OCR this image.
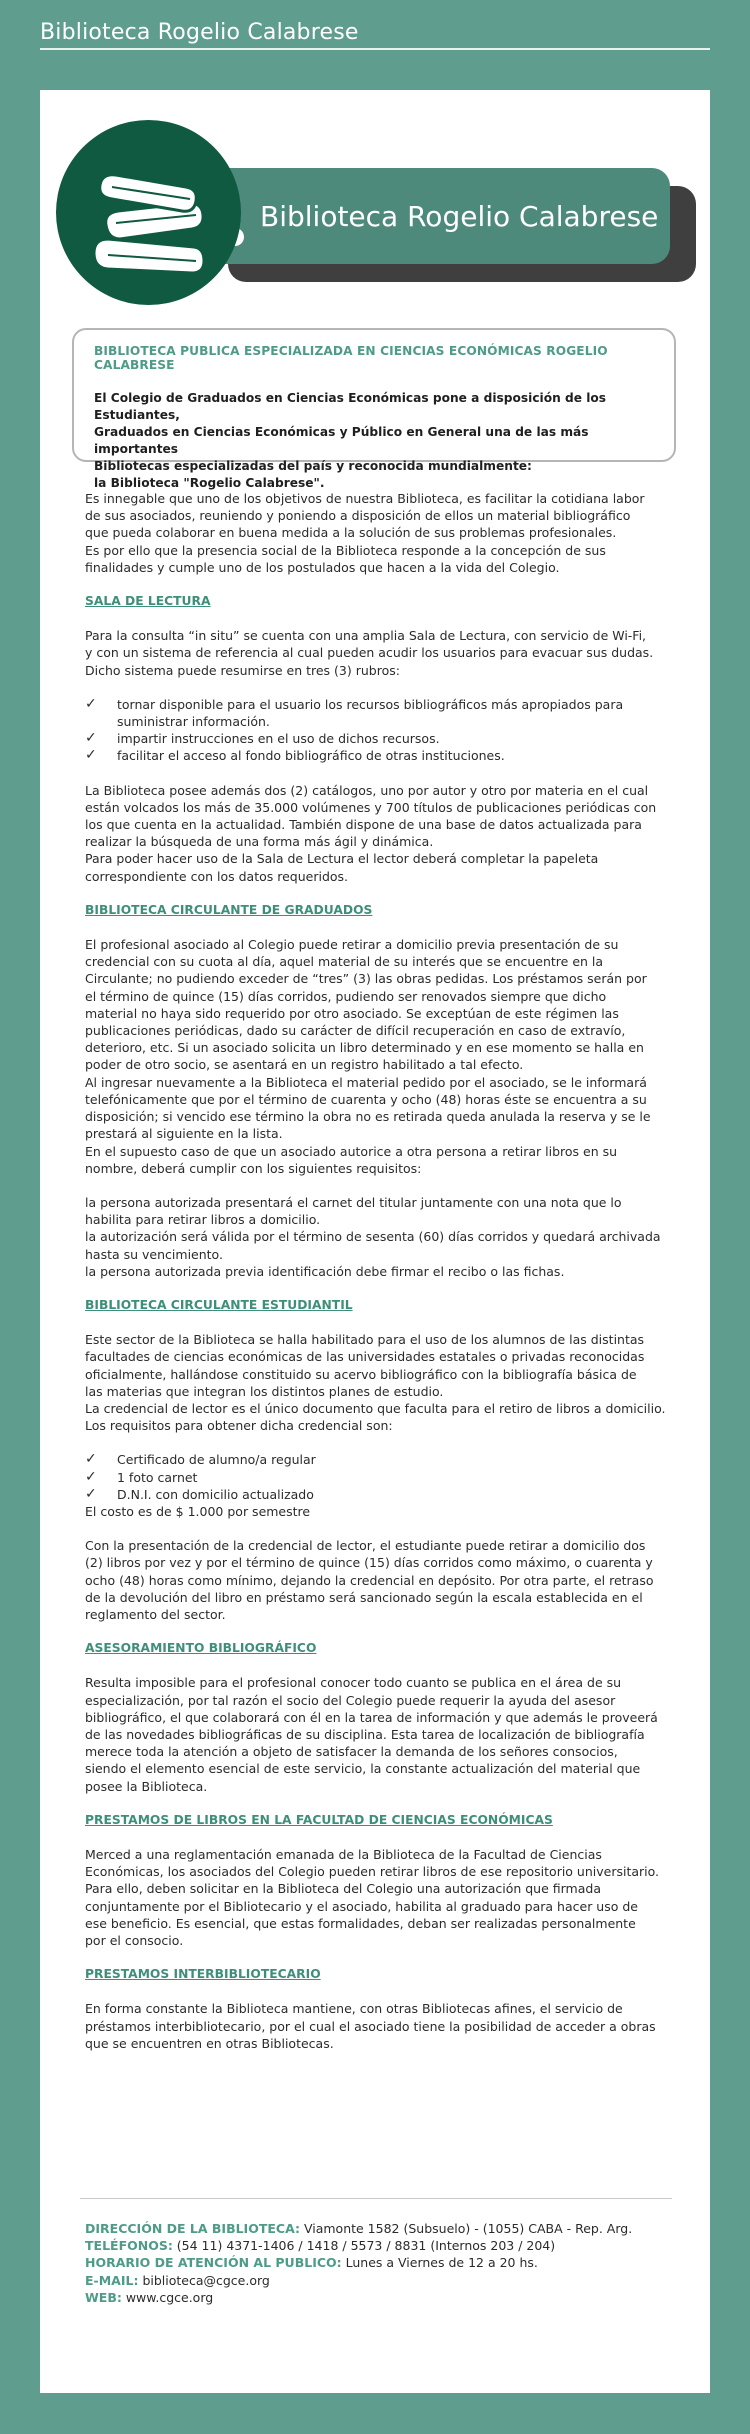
Biblioteca Rogelio Calabrese
Biblioteca Rogelio Calabrese
BIBLIOTECA PUBLICA ESPECIALIZADA EN CIENCIAS ECONÓMICAS ROGELIO CALABRESE

El Colegio de Graduados en Ciencias Económicas pone a disposición de los Estudiantes,

Graduados en Ciencias Económicas y Público en General una de las más importantes

Bibliotecas especializadas del país y reconocida mundialmente:

la Biblioteca "Rogelio Calabrese".

Es innegable que uno de los objetivos de nuestra Biblioteca, es facilitar la cotidiana labor

de sus asociados, reuniendo y poniendo a disposición de ellos un material bibliográfico

que pueda colaborar en buena medida a la solución de sus problemas profesionales.

Es por ello que la presencia social de la Biblioteca responde a la concepción de sus

finalidades y cumple uno de los postulados que hacen a la vida del Colegio.

SALA DE LECTURA

Para la consulta “in situ” se cuenta con una amplia Sala de Lectura, con servicio de Wi-Fi,

y con un sistema de referencia al cual pueden acudir los usuarios para evacuar sus dudas.

Dicho sistema puede resumirse en tres (3) rubros:

✓ tornar disponible para el usuario los recursos bibliográficos más apropiados para suministrar información.
✓ impartir instrucciones en el uso de dichos recursos.
✓ facilitar el acceso al fondo bibliográfico de otras instituciones.

La Biblioteca posee además dos (2) catálogos, uno por autor y otro por materia en el cual

están volcados los más de 35.000 volúmenes y 700 títulos de publicaciones periódicas con

los que cuenta en la actualidad. También dispone de una base de datos actualizada para

realizar la búsqueda de una forma más ágil y dinámica.

Para poder hacer uso de la Sala de Lectura el lector deberá completar la papeleta

correspondiente con los datos requeridos.

BIBLIOTECA CIRCULANTE DE GRADUADOS

El profesional asociado al Colegio puede retirar a domicilio previa presentación de su

credencial con su cuota al día, aquel material de su interés que se encuentre en la

Circulante; no pudiendo exceder de “tres” (3) las obras pedidas. Los préstamos serán por

el término de quince (15) días corridos, pudiendo ser renovados siempre que dicho

material no haya sido requerido por otro asociado. Se exceptúan de este régimen las

publicaciones periódicas, dado su carácter de difícil recuperación en caso de extravío,

deterioro, etc. Si un asociado solicita un libro determinado y en ese momento se halla en

poder de otro socio, se asentará en un registro habilitado a tal efecto.

Al ingresar nuevamente a la Biblioteca el material pedido por el asociado, se le informará

telefónicamente que por el término de cuarenta y ocho (48) horas éste se encuentra a su

disposición; si vencido ese término la obra no es retirada queda anulada la reserva y se le

prestará al siguiente en la lista.

En el supuesto caso de que un asociado autorice a otra persona a retirar libros en su

nombre, deberá cumplir con los siguientes requisitos:

la persona autorizada presentará el carnet del titular juntamente con una nota que lo

habilita para retirar libros a domicilio.

la autorización será válida por el término de sesenta (60) días corridos y quedará archivada

hasta su vencimiento.

la persona autorizada previa identificación debe firmar el recibo o las fichas.

BIBLIOTECA CIRCULANTE ESTUDIANTIL

Este sector de la Biblioteca se halla habilitado para el uso de los alumnos de las distintas

facultades de ciencias económicas de las universidades estatales o privadas reconocidas

oficialmente, hallándose constituido su acervo bibliográfico con la bibliografía básica de

las materias que integran los distintos planes de estudio.

La credencial de lector es el único documento que faculta para el retiro de libros a domicilio.

Los requisitos para obtener dicha credencial son:

✓ Certificado de alumno/a regular
✓ 1 foto carnet
✓ D.N.I. con domicilio actualizado

El costo es de $ 1.000 por semestre

Con la presentación de la credencial de lector, el estudiante puede retirar a domicilio dos

(2) libros por vez y por el término de quince (15) días corridos como máximo, o cuarenta y

ocho (48) horas como mínimo, dejando la credencial en depósito. Por otra parte, el retraso

de la devolución del libro en préstamo será sancionado según la escala establecida en el

reglamento del sector.

ASESORAMIENTO BIBLIOGRÁFICO

Resulta imposible para el profesional conocer todo cuanto se publica en el área de su

especialización, por tal razón el socio del Colegio puede requerir la ayuda del asesor

bibliográfico, el que colaborará con él en la tarea de información y que además le proveerá

de las novedades bibliográficas de su disciplina. Esta tarea de localización de bibliografía

merece toda la atención a objeto de satisfacer la demanda de los señores consocios,

siendo el elemento esencial de este servicio, la constante actualización del material que

posee la Biblioteca.

PRESTAMOS DE LIBROS EN LA FACULTAD DE CIENCIAS ECONÓMICAS

Merced a una reglamentación emanada de la Biblioteca de la Facultad de Ciencias

Económicas, los asociados del Colegio pueden retirar libros de ese repositorio universitario.

Para ello, deben solicitar en la Biblioteca del Colegio una autorización que firmada

conjuntamente por el Bibliotecario y el asociado, habilita al graduado para hacer uso de

ese beneficio. Es esencial, que estas formalidades, deban ser realizadas personalmente

por el consocio.

PRESTAMOS INTERBIBLIOTECARIO

En forma constante la Biblioteca mantiene, con otras Bibliotecas afines, el servicio de

préstamos interbibliotecario, por el cual el asociado tiene la posibilidad de acceder a obras

que se encuentren en otras Bibliotecas.

DIRECCIÓN DE LA BIBLIOTECA: Viamonte 1582 (Subsuelo) - (1055) CABA - Rep. Arg.

TELÉFONOS: (54 11) 4371-1406 / 1418 / 5573 / 8831 (Internos 203 / 204)

HORARIO DE ATENCIÓN AL PUBLICO: Lunes a Viernes de 12 a 20 hs.

E-MAIL: biblioteca@cgce.org

WEB: www.cgce.org
